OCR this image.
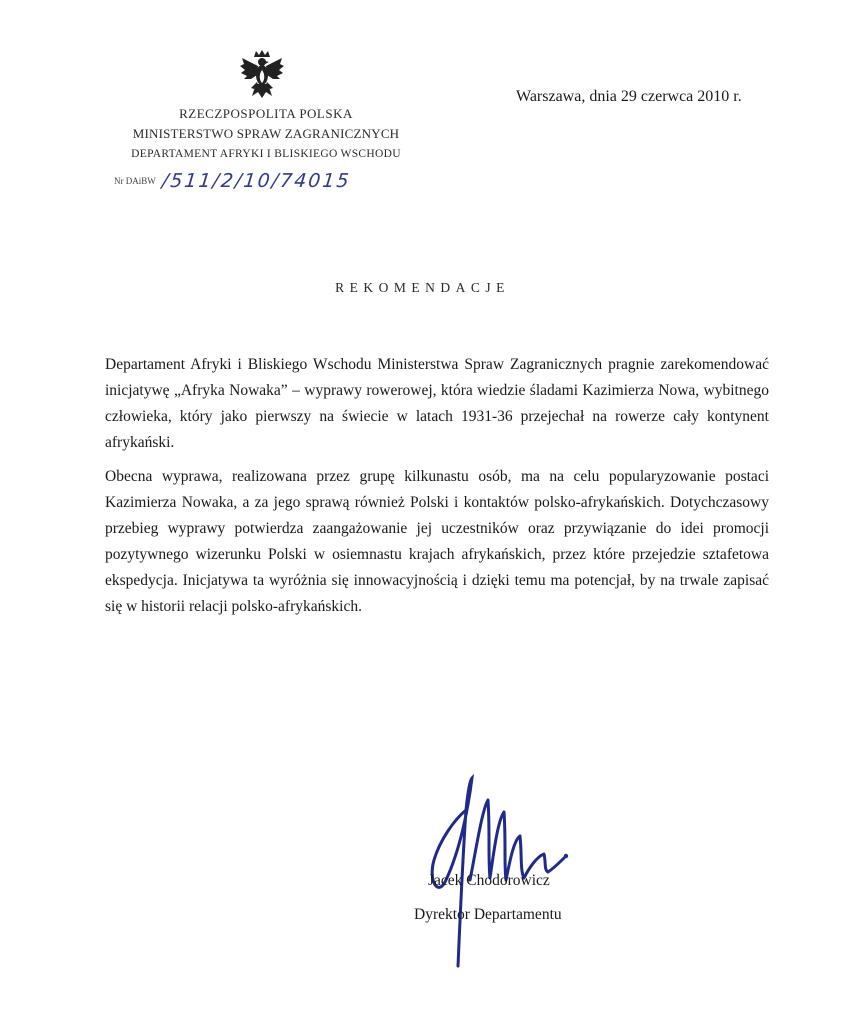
RZECZPOSPOLITA POLSKA
MINISTERSTWO SPRAW ZAGRANICZNYCH
DEPARTAMENT AFRYKI I BLISKIEGO WSCHODU
Nr DAiBW /511/2/10/74015
Warszawa, dnia 29 czerwca 2010 r.
REKOMENDACJE

Departament Afryki i Bliskiego Wschodu Ministerstwa Spraw Zagranicznych pragnie zarekomendować inicjatywę „Afryka Nowaka” – wyprawy rowerowej, która wiedzie śladami Kazimierza Nowa, wybitnego człowieka, który jako pierwszy na świecie w latach 1931-36 przejechał na rowerze cały kontynent afrykański.

Obecna wyprawa, realizowana przez grupę kilkunastu osób, ma na celu popularyzowanie postaci Kazimierza Nowaka, a za jego sprawą również Polski i kontaktów polsko-afrykańskich. Dotychczasowy przebieg wyprawy potwierdza zaangażowanie jej uczestników oraz przywiązanie do idei promocji pozytywnego wizerunku Polski w osiemnastu krajach afrykańskich, przez które przejedzie sztafetowa ekspedycja. Inicjatywa ta wyróżnia się innowacyjnością i dzięki temu ma potencjał, by na trwale zapisać się w historii relacji polsko-afrykańskich.

Jacek Chodorowicz
Dyrektor Departamentu
